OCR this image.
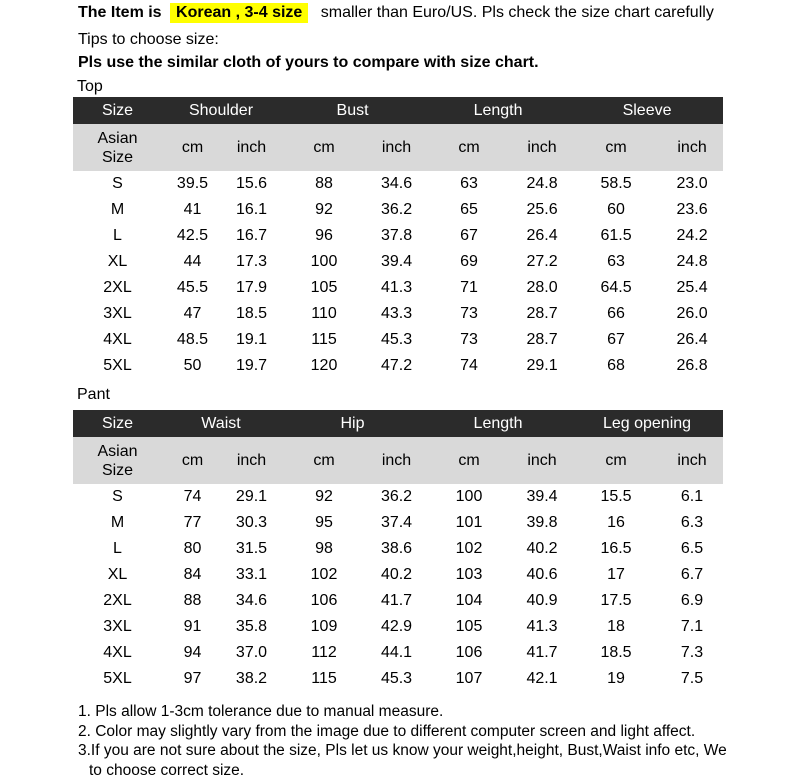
The Item is Korean , 3-4 size smaller than Euro/US. Pls check the size chart carefully
Tips to choose size:
Pls use the similar cloth of yours to compare with size chart.
Top
Size	Shoulder		Bust		Length		Sleeve	
Asian
Size	cm	inch	cm	inch	cm	inch	cm	inch
S	39.5	15.6	88	34.6	63	24.8	58.5	23.0
M	41	16.1	92	36.2	65	25.6	60	23.6
L	42.5	16.7	96	37.8	67	26.4	61.5	24.2
XL	44	17.3	100	39.4	69	27.2	63	24.8
2XL	45.5	17.9	105	41.3	71	28.0	64.5	25.4
3XL	47	18.5	110	43.3	73	28.7	66	26.0
4XL	48.5	19.1	115	45.3	73	28.7	67	26.4
5XL	50	19.7	120	47.2	74	29.1	68	26.8
Pant
Size	Waist		Hip		Length		Leg opening	
Asian
Size	cm	inch	cm	inch	cm	inch	cm	inch
S	74	29.1	92	36.2	100	39.4	15.5	6.1
M	77	30.3	95	37.4	101	39.8	16	6.3
L	80	31.5	98	38.6	102	40.2	16.5	6.5
XL	84	33.1	102	40.2	103	40.6	17	6.7
2XL	88	34.6	106	41.7	104	40.9	17.5	6.9
3XL	91	35.8	109	42.9	105	41.3	18	7.1
4XL	94	37.0	112	44.1	106	41.7	18.5	7.3
5XL	97	38.2	115	45.3	107	42.1	19	7.5
1. Pls allow 1-3cm tolerance due to manual measure.
2. Color may slightly vary from the image due to different computer screen and light affect.
3.If you are not sure about the size, Pls let us know your weight,height, Bust,Waist info etc, We
to choose correct size.
